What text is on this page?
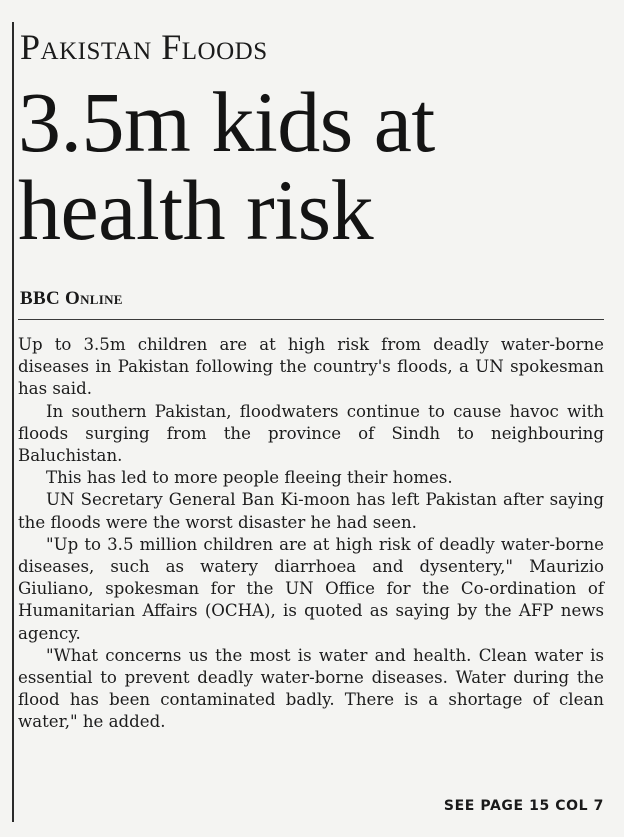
Pakistan Floods
3.5m kids at
health risk
BBC Online

Up to 3.5m children are at high risk from deadly water-borne diseases in Pakistan following the country's floods, a UN spokesman has said.

In southern Pakistan, floodwaters continue to cause havoc with floods surging from the province of Sindh to neighbouring Baluchistan.

This has led to more people fleeing their homes.

UN Secretary General Ban Ki-moon has left Pakistan after saying the floods were the worst disaster he had seen.

"Up to 3.5 million children are at high risk of deadly water-borne diseases, such as watery diarrhoea and dysentery," Maurizio Giuliano, spokesman for the UN Office for the Co-ordination of Humanitarian Affairs (OCHA), is quoted as saying by the AFP news agency.

"What concerns us the most is water and health. Clean water is essential to prevent deadly water-borne diseases. Water during the flood has been contaminated badly. There is a shortage of clean water," he added.

SEE PAGE 15 COL 7
